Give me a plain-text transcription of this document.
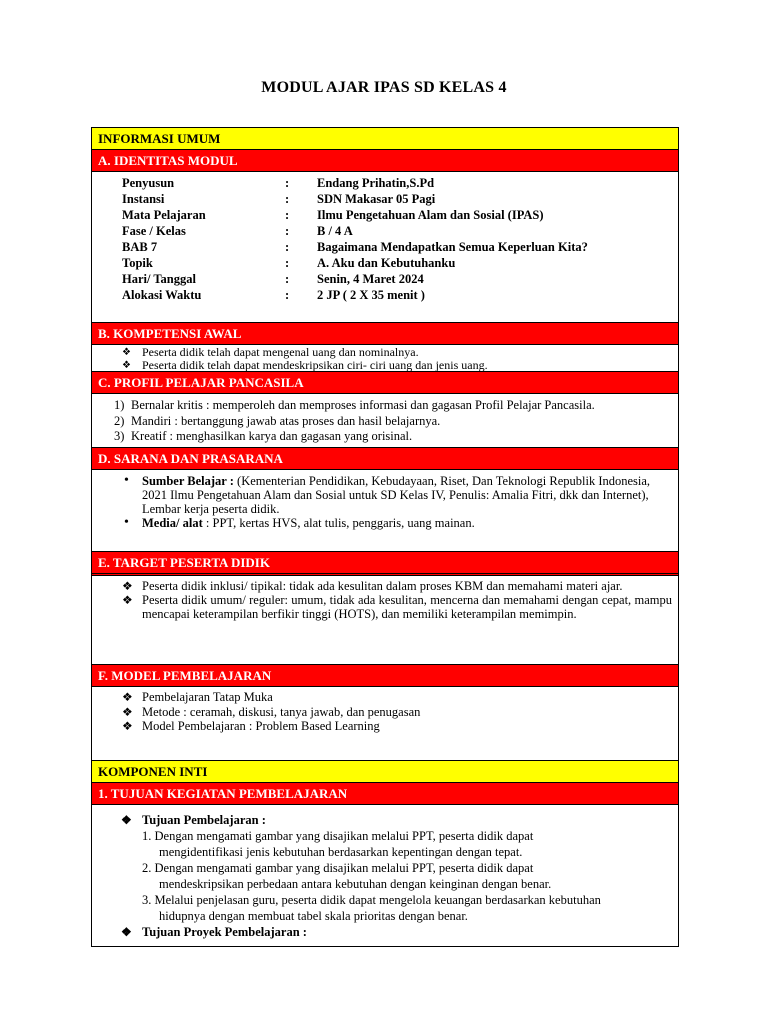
MODUL AJAR IPAS SD KELAS 4
INFORMASI UMUM
A. IDENTITAS MODUL
Penyusun	:	Endang Prihatin,S.Pd
Instansi	:	SDN Makasar 05 Pagi
Mata Pelajaran	:	Ilmu Pengetahuan Alam dan Sosial (IPAS)
Fase / Kelas	:	B / 4 A
BAB 7	:	Bagaimana Mendapatkan Semua Keperluan Kita?
Topik	:	A. Aku dan Kebutuhanku
Hari/ Tanggal	:	Senin, 4 Maret 2024
Alokasi Waktu	:	2 JP ( 2 X 35 menit )
B. KOMPETENSI AWAL
❖ Peserta didik telah dapat mengenal uang dan nominalnya.
❖ Peserta didik telah dapat mendeskripsikan ciri- ciri uang dan jenis uang.
C. PROFIL PELAJAR PANCASILA
1) Bernalar kritis : memperoleh dan memproses informasi dan gagasan Profil Pelajar Pancasila.
2) Mandiri : bertanggung jawab atas proses dan hasil belajarnya.
3) Kreatif : menghasilkan karya dan gagasan yang orisinal.
D. SARANA DAN PRASARANA
• Sumber Belajar : (Kementerian Pendidikan, Kebudayaan, Riset, Dan Teknologi Republik Indonesia, 2021 Ilmu Pengetahuan Alam dan Sosial untuk SD Kelas IV, Penulis: Amalia Fitri, dkk dan Internet), Lembar kerja peserta didik.
• Media/ alat : PPT, kertas HVS, alat tulis, penggaris, uang mainan.
E. TARGET PESERTA DIDIK
❖ Peserta didik inklusi/ tipikal: tidak ada kesulitan dalam proses KBM dan memahami materi ajar.
❖ Peserta didik umum/ reguler: umum, tidak ada kesulitan, mencerna dan memahami dengan cepat, mampu mencapai keterampilan berfikir tinggi (HOTS), dan memiliki keterampilan memimpin.
F. MODEL PEMBELAJARAN
❖ Pembelajaran Tatap Muka
❖ Metode : ceramah, diskusi, tanya jawab, dan penugasan
❖ Model Pembelajaran : Problem Based Learning
KOMPONEN INTI
1. TUJUAN KEGIATAN PEMBELAJARAN
❖ Tujuan Pembelajaran :
1. Dengan mengamati gambar yang disajikan melalui PPT, peserta didik dapat
mengidentifikasi jenis kebutuhan berdasarkan kepentingan dengan tepat.
2. Dengan mengamati gambar yang disajikan melalui PPT, peserta didik dapat
mendeskripsikan perbedaan antara kebutuhan dengan keinginan dengan benar.
3. Melalui penjelasan guru, peserta didik dapat mengelola keuangan berdasarkan kebutuhan
hidupnya dengan membuat tabel skala prioritas dengan benar.
❖ Tujuan Proyek Pembelajaran :
